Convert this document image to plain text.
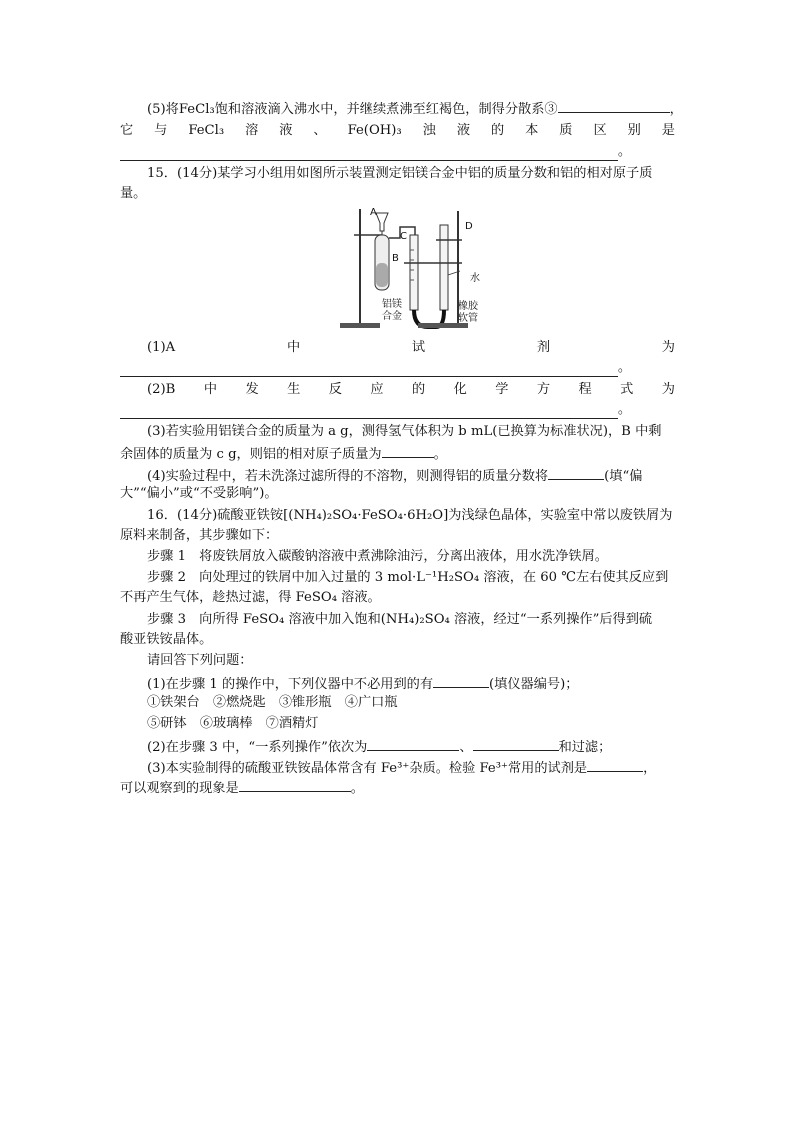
(5)将FeCl₃饱和溶液滴入沸水中，并继续煮沸至红褐色，制得分散系③	，
它 与 FeCl₃ 溶 液 、 Fe(OH)₃ 浊 液 的 本 质 区 别 是
。
15．(14分)某学习小组用如图所示装置测定铝镁合金中铝的质量分数和铝的相对原子质
量。
A
B
C
D
水
铝镁
合金
橡胶
软管
(1)A	中	试	剂	为
。
(2)B 中 发 生 反 应 的 化 学 方 程 式 为
。
(3)若实验用铝镁合金的质量为 a g，测得氢气体积为 b mL(已换算为标准状况)，B 中剩
余固体的质量为 c g，则铝的相对原子质量为	。
(4)实验过程中，若未洗涤过滤所得的不溶物，则测得铝的质量分数将	(填“偏
大”“偏小”或“不受影响”)。
16．(14分)硫酸亚铁铵[(NH₄)₂SO₄·FeSO₄·6H₂O]为浅绿色晶体，实验室中常以废铁屑为
原料来制备，其步骤如下：
步骤 1　将废铁屑放入碳酸钠溶液中煮沸除油污，分离出液体，用水洗净铁屑。
步骤 2　向处理过的铁屑中加入过量的 3 mol·L⁻¹H₂SO₄ 溶液，在 60 ℃左右使其反应到
不再产生气体，趁热过滤，得 FeSO₄ 溶液。
步骤 3　向所得 FeSO₄ 溶液中加入饱和(NH₄)₂SO₄ 溶液，经过“一系列操作”后得到硫
酸亚铁铵晶体。
请回答下列问题：
(1)在步骤 1 的操作中，下列仪器中不必用到的有	(填仪器编号)；
①铁架台　②燃烧匙　③锥形瓶　④广口瓶
⑤研钵　⑥玻璃棒　⑦酒精灯
(2)在步骤 3 中，“一系列操作”依次为	、	和过滤；
(3)本实验制得的硫酸亚铁铵晶体常含有 Fe³⁺杂质。检验 Fe³⁺常用的试剂是	，
可以观察到的现象是	。
